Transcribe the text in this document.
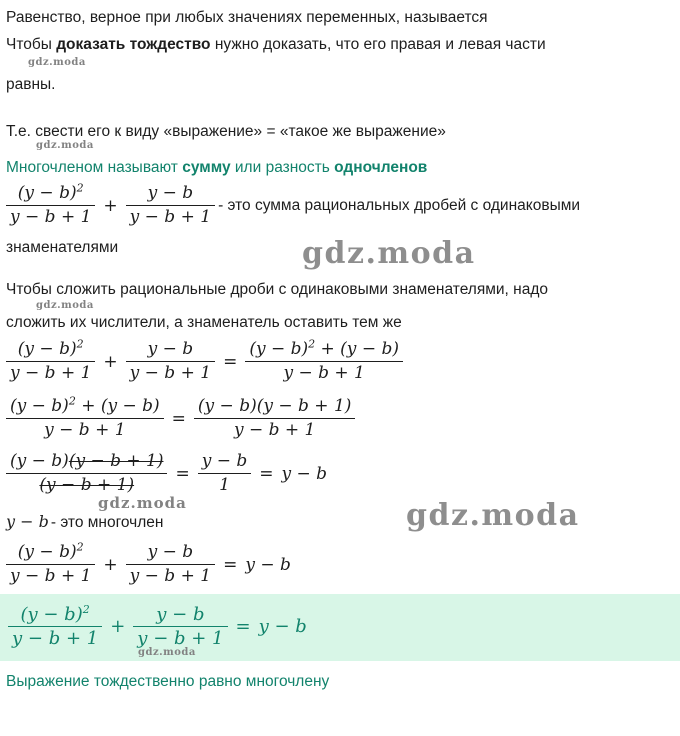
Равенство, верное при любых значениях переменных, называется

Чтобы доказать тождество нужно доказать, что его правая и левая части

равны.

Т.е. свести его к виду «выражение» = «такое же выражение»

Многочленом называют сумму или разность одночленов

$\frac{(y - b)^2}{y - b + 1} + \frac{y - b}{y - b + 1}$ - это сумма рациональных дробей с одинаковыми

знаменателями

Чтобы сложить рациональные дроби с одинаковыми знаменателями, надо

сложить их числители, а знаменатель оставить тем же

$\frac{(y - b)^2}{y - b + 1} + \frac{y - b}{y - b + 1} = \frac{(y - b)^2 + (y - b)}{y - b + 1}$
$\frac{(y - b)^2 + (y - b)}{y - b + 1} = \frac{(y - b)(y - b + 1)}{y - b + 1}$
$\frac{(y - b)(y - b + 1)}{(y - b + 1)} = \frac{y - b}{1} = y - b$

y − b - это многочлен

$\frac{(y - b)^2}{y - b + 1} + \frac{y - b}{y - b + 1} = y - b$
$\frac{(y - b)^2}{y - b + 1} + \frac{y - b}{y - b + 1} = y - b$

Выражение тождественно равно многочлену

gdz.moda
gdz.moda
gdz.moda
gdz.moda
gdz.moda	gdz.moda
gdz.moda
